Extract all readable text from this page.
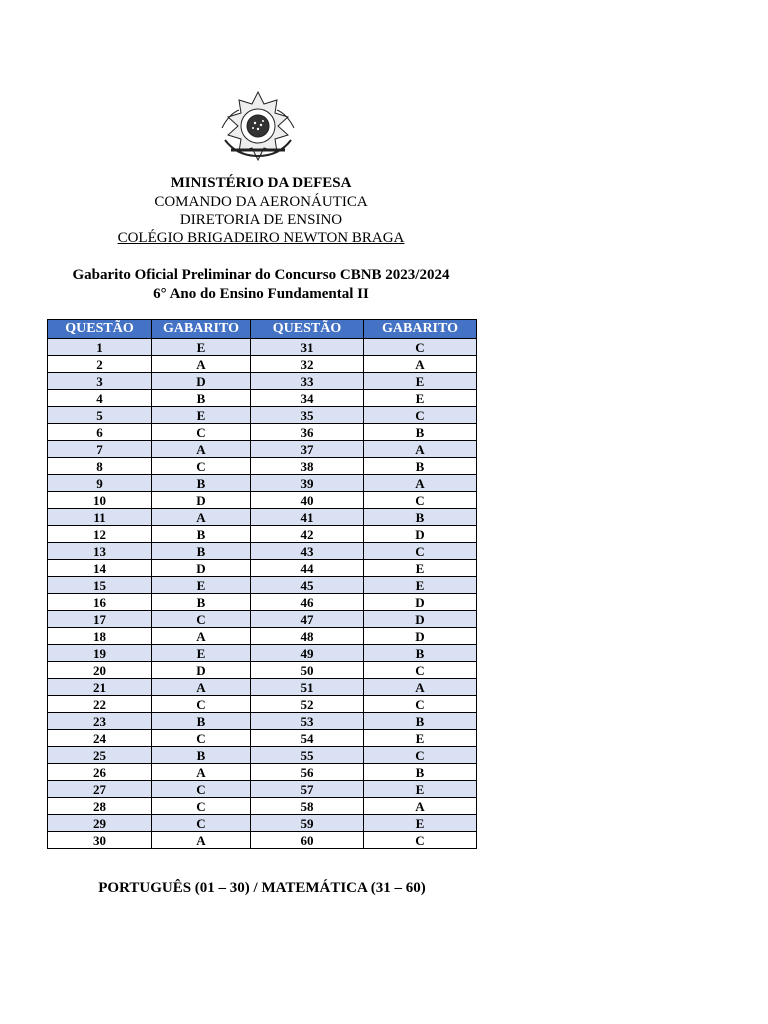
MINISTÉRIO DA DEFESA
COMANDO DA AERONÁUTICA
DIRETORIA DE ENSINO
COLÉGIO BRIGADEIRO NEWTON BRAGA
Gabarito Oficial Preliminar do Concurso CBNB 2023/2024
6° Ano do Ensino Fundamental II
QUESTÃO	GABARITO	QUESTÃO	GABARITO
1	E	31	C
2	A	32	A
3	D	33	E
4	B	34	E
5	E	35	C
6	C	36	B
7	A	37	A
8	C	38	B
9	B	39	A
10	D	40	C
11	A	41	B
12	B	42	D
13	B	43	C
14	D	44	E
15	E	45	E
16	B	46	D
17	C	47	D
18	A	48	D
19	E	49	B
20	D	50	C
21	A	51	A
22	C	52	C
23	B	53	B
24	C	54	E
25	B	55	C
26	A	56	B
27	C	57	E
28	C	58	A
29	C	59	E
30	A	60	C
PORTUGUÊS (01 – 30) / MATEMÁTICA (31 – 60)
